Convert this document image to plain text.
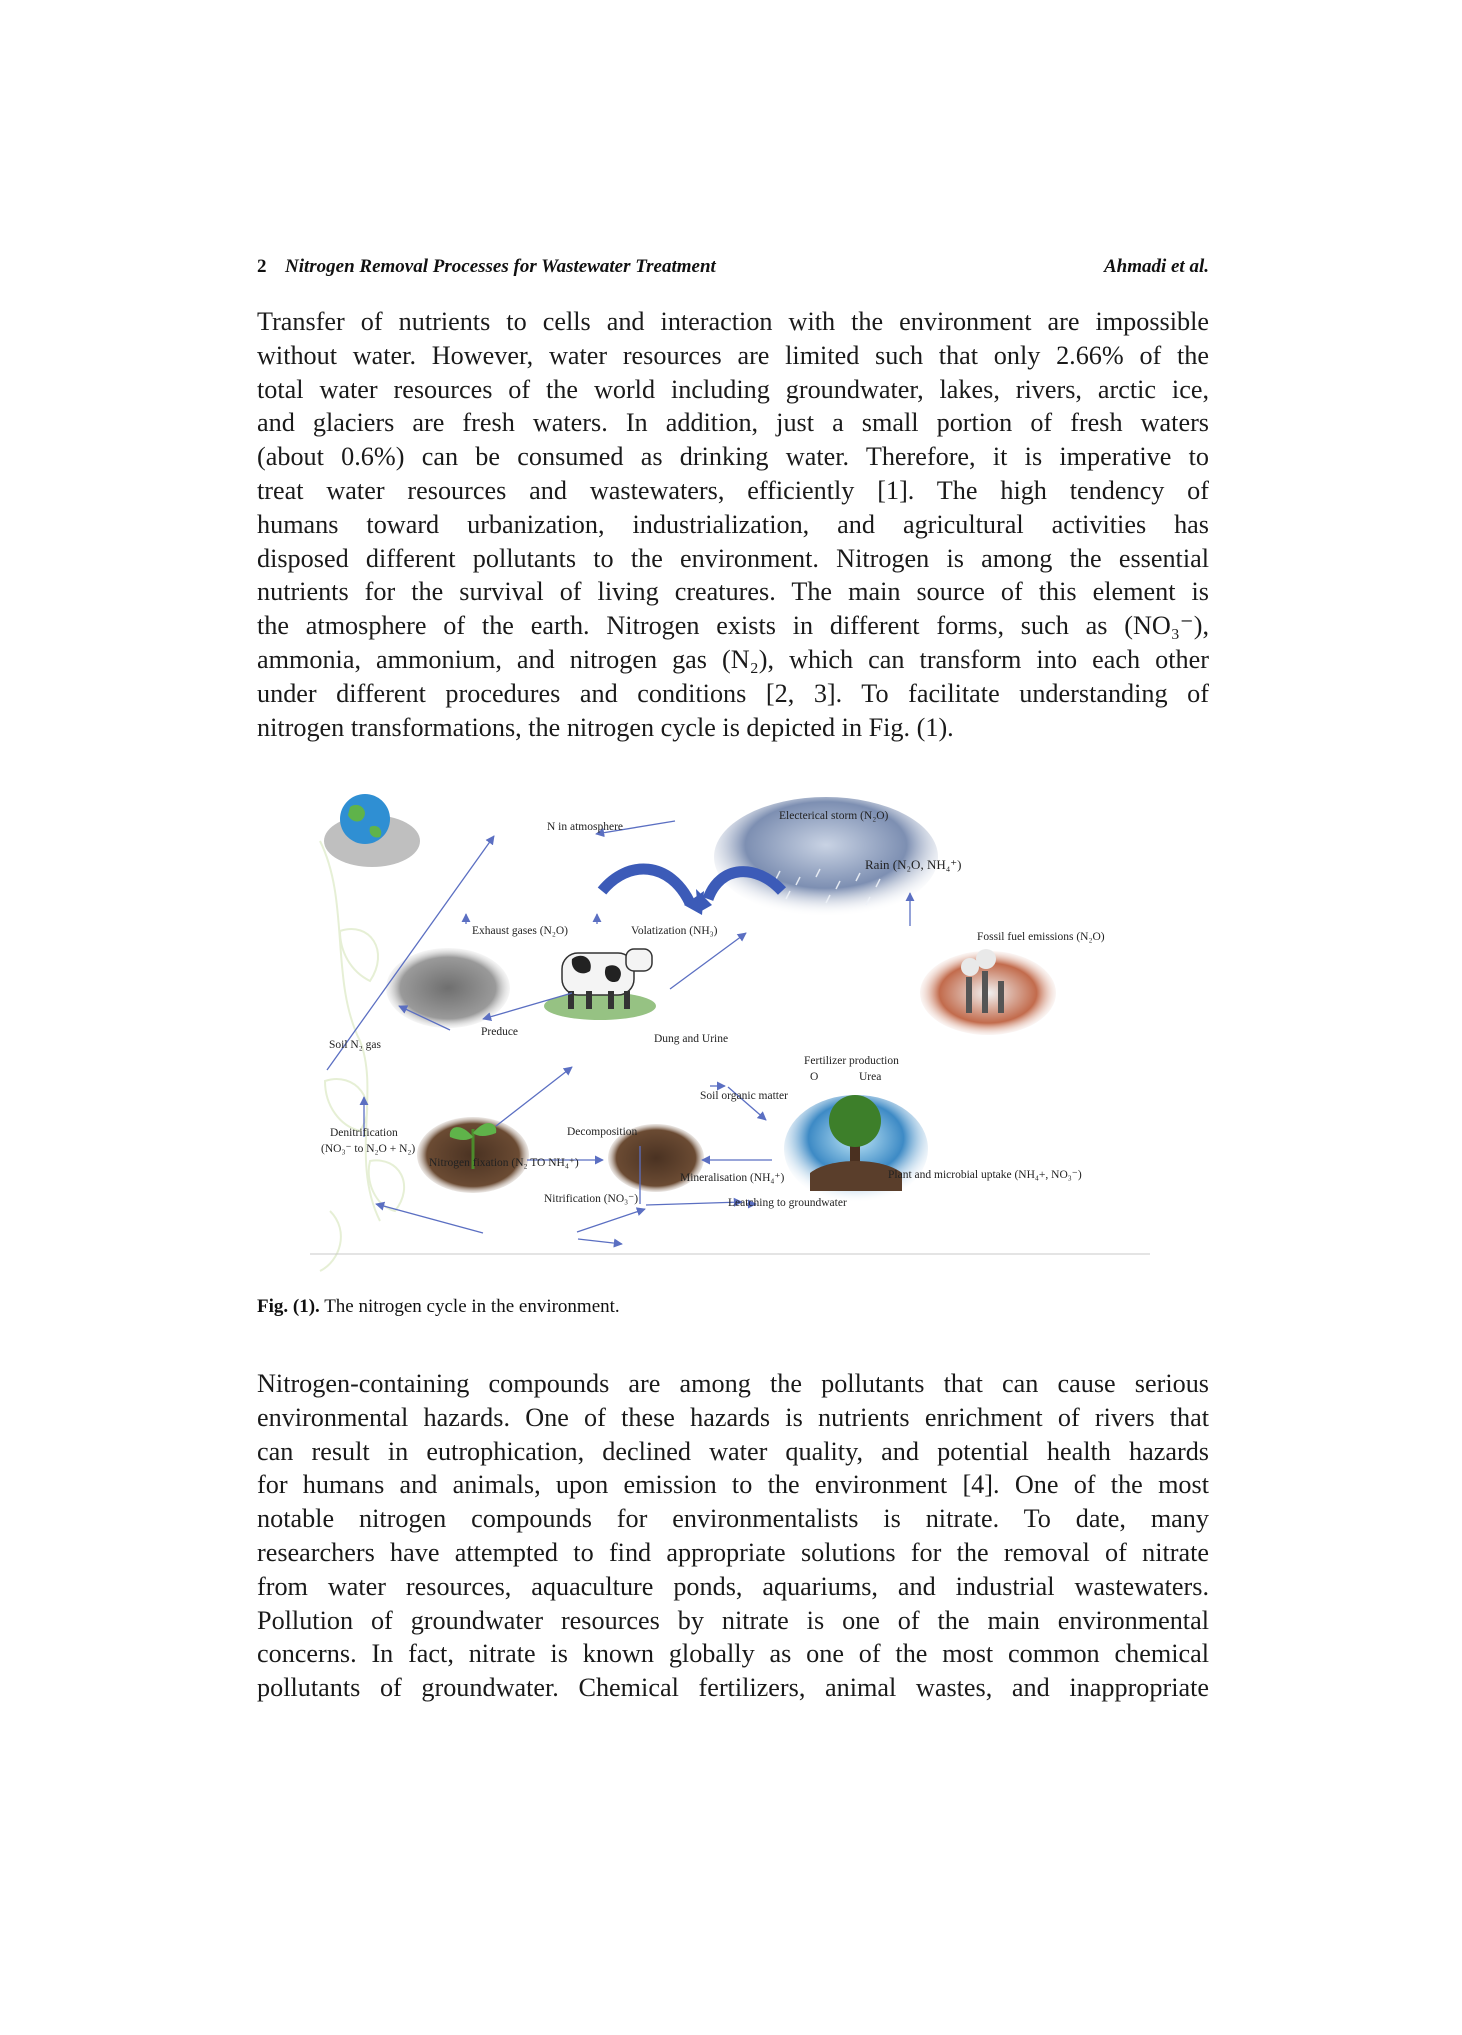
2 Nitrogen Removal Processes for Wastewater Treatment	Ahmadi et al.
Transfer of nutrients to cells and interaction with the environment are impossible
without water. However, water resources are limited such that only 2.66% of the
total water resources of the world including groundwater, lakes, rivers, arctic ice,
and glaciers are fresh waters. In addition, just a small portion of fresh waters
(about 0.6%) can be consumed as drinking water. Therefore, it is imperative to
treat water resources and wastewaters, efficiently [1]. The high tendency of
humans toward urbanization, industrialization, and agricultural activities has
disposed different pollutants to the environment. Nitrogen is among the essential
nutrients for the survival of living creatures. The main source of this element is
the atmosphere of the earth. Nitrogen exists in different forms, such as (NO₃⁻),
ammonia, ammonium, and nitrogen gas (N₂), which can transform into each other
under different procedures and conditions [2, 3]. To facilitate understanding of
nitrogen transformations, the nitrogen cycle is depicted in Fig. (1).
N in atmosphere
Electerical storm (N₂O)
Rain (N₂O, NH₄⁺)
Exhaust gases (N₂O)	Volatization (NH₃)	Fossil fuel emissions (N₂O)
Dung and Urine
Preduce
Soil N₂ gas
Fertilizer production
O	Urea
Soil organic matter
Decomposition
Denitrification
(NO₃⁻ to N₂O + N₂)
Nitrogen fixation (N₂ TO NH₄⁺)
Mineralisation (NH₄⁺)	Plant and microbial uptake (NH₄+, NO₃⁻)
Nitrification (NO₃⁻)	Leatching to groundwater
Fig. (1). The nitrogen cycle in the environment.
Nitrogen-containing compounds are among the pollutants that can cause serious
environmental hazards. One of these hazards is nutrients enrichment of rivers that
can result in eutrophication, declined water quality, and potential health hazards
for humans and animals, upon emission to the environment [4]. One of the most
notable nitrogen compounds for environmentalists is nitrate. To date, many
researchers have attempted to find appropriate solutions for the removal of nitrate
from water resources, aquaculture ponds, aquariums, and industrial wastewaters.
Pollution of groundwater resources by nitrate is one of the main environmental
concerns. In fact, nitrate is known globally as one of the most common chemical
pollutants of groundwater. Chemical fertilizers, animal wastes, and inappropriate
